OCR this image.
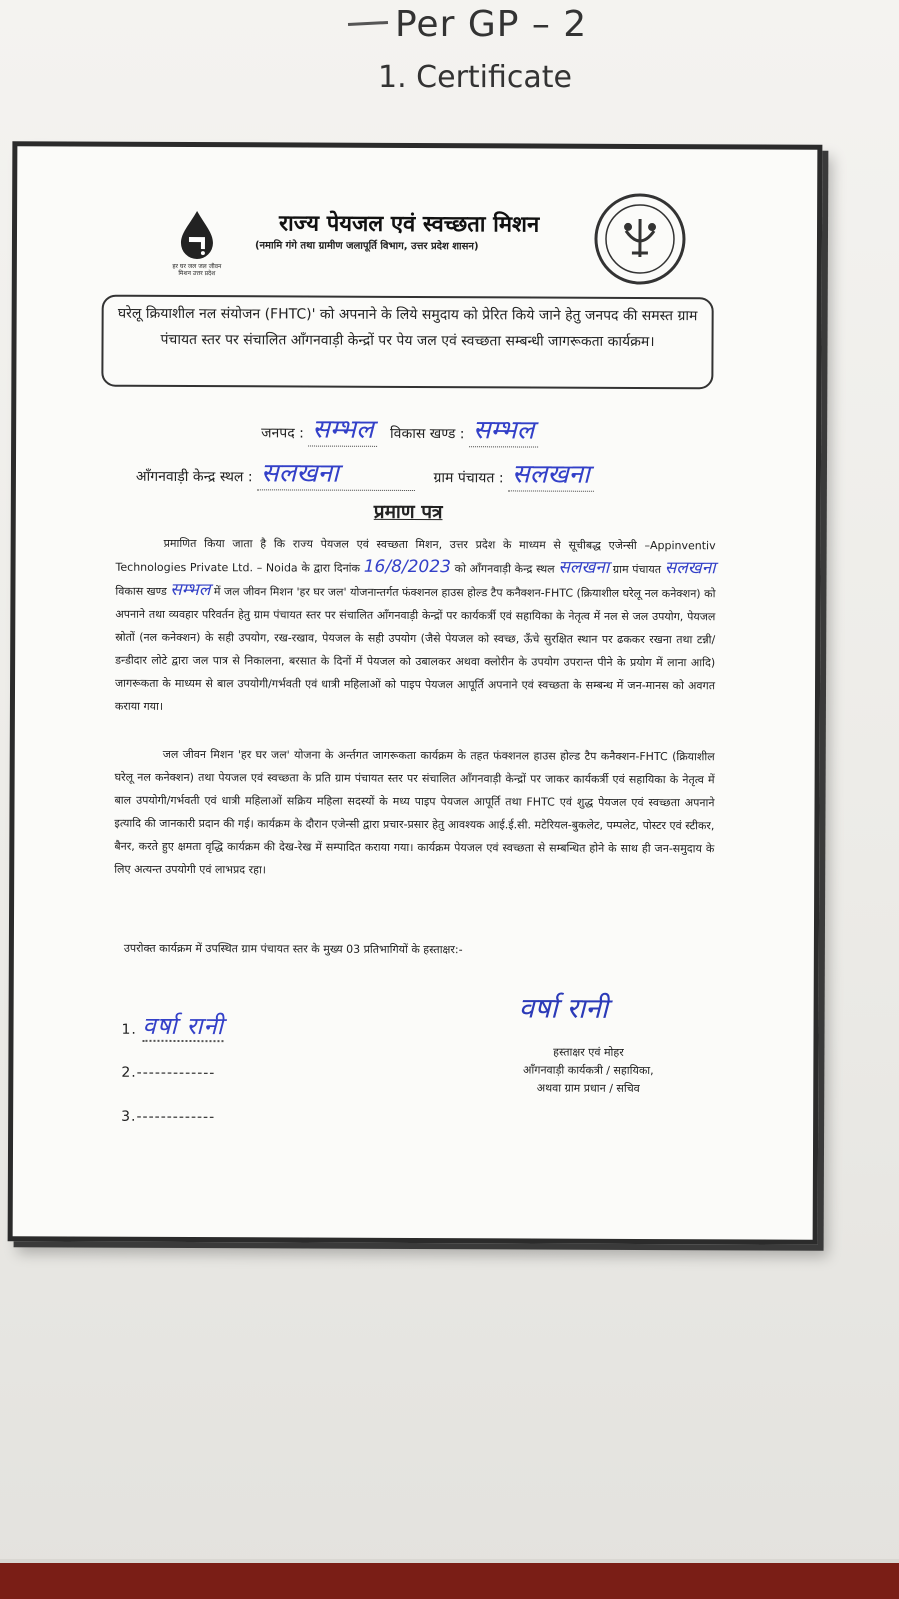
Per GP – 2
1. Certificate
हर घर जल जल जीवन मिशन उत्तर प्रदेश
राज्य पेयजल एवं स्वच्छता मिशन
(नमामि गंगे तथा ग्रामीण जलापूर्ति विभाग, उत्तर प्रदेश शासन)
घरेलू क्रियाशील नल संयोजन (FHTC)' को अपनाने के लिये समुदाय को प्रेरित किये जाने हेतु जनपद की समस्त ग्राम पंचायत स्तर पर संचालित आँगनवाड़ी केन्द्रों पर पेय जल एवं स्वच्छता सम्बन्धी जागरूकता कार्यक्रम।
जनपद : सम्भल विकास खण्ड : सम्भल
आँगनवाड़ी केन्द्र स्थल : सलखना	ग्राम पंचायत : सलखना
प्रमाण पत्र
प्रमाणित किया जाता है कि राज्य पेयजल एवं स्वच्छता मिशन, उत्तर प्रदेश के माध्यम से सूचीबद्ध एजेन्सी –Appinventiv Technologies Private Ltd. – Noida के द्वारा दिनांक 16/8/2023 को आँगनवाड़ी केन्द्र स्थल सलखना ग्राम पंचायत सलखना विकास खण्ड सम्भल में जल जीवन मिशन 'हर घर जल' योजनान्तर्गत फंक्शनल हाउस होल्ड टैप कनैक्शन-FHTC (क्रियाशील घरेलू नल कनेक्शन) को अपनाने तथा व्यवहार परिवर्तन हेतु ग्राम पंचायत स्तर पर संचालित आँगनवाड़ी केन्द्रों पर कार्यकर्त्री एवं सहायिका के नेतृत्व में नल से जल उपयोग, पेयजल स्रोतों (नल कनेक्शन) के सही उपयोग, रख-रखाव, पेयजल के सही उपयोग (जैसे पेयजल को स्वच्छ, ऊँचे सुरक्षित स्थान पर ढककर रखना तथा टन्नी/डन्डीदार लोटे द्वारा जल पात्र से निकालना, बरसात के दिनों में पेयजल को उबालकर अथवा क्लोरीन के उपयोग उपरान्त पीने के प्रयोग में लाना आदि) जागरूकता के माध्यम से बाल उपयोगी/गर्भवती एवं धात्री महिलाओं को पाइप पेयजल आपूर्ति अपनाने एवं स्वच्छता के सम्बन्ध में जन-मानस को अवगत कराया गया।
जल जीवन मिशन 'हर घर जल' योजना के अर्न्तगत जागरूकता कार्यक्रम के तहत फंक्शनल हाउस होल्ड टैप कनैक्शन-FHTC (क्रियाशील घरेलू नल कनेक्शन) तथा पेयजल एवं स्वच्छता के प्रति ग्राम पंचायत स्तर पर संचालित आँगनवाड़ी केन्द्रों पर जाकर कार्यकर्त्री एवं सहायिका के नेतृत्व में बाल उपयोगी/गर्भवती एवं धात्री महिलाओं सक्रिय महिला सदस्यों के मध्य पाइप पेयजल आपूर्ति तथा FHTC एवं शुद्ध पेयजल एवं स्वच्छता अपनाने इत्यादि की जानकारी प्रदान की गई। कार्यक्रम के दौरान एजेन्सी द्वारा प्रचार-प्रसार हेतु आवश्यक आई.ई.सी. मटेरियल-बुकलेट, पम्पलेट, पोस्टर एवं स्टीकर, बैनर, करते हुए क्षमता वृद्धि कार्यक्रम की देख-रेख में सम्पादित कराया गया। कार्यक्रम पेयजल एवं स्वच्छता से सम्बन्धित होने के साथ ही जन-समुदाय के लिए अत्यन्त उपयोगी एवं लाभप्रद रहा।
उपरोक्त कार्यक्रम में उपस्थित ग्राम पंचायत स्तर के मुख्य 03 प्रतिभागियों के हस्ताक्षर:-
1. वर्षा रानी
2.-------------
3.-------------
वर्षा रानी
हस्ताक्षर एवं मोहर
आँगनवाड़ी कार्यकत्री / सहायिका,
अथवा ग्राम प्रधान / सचिव
